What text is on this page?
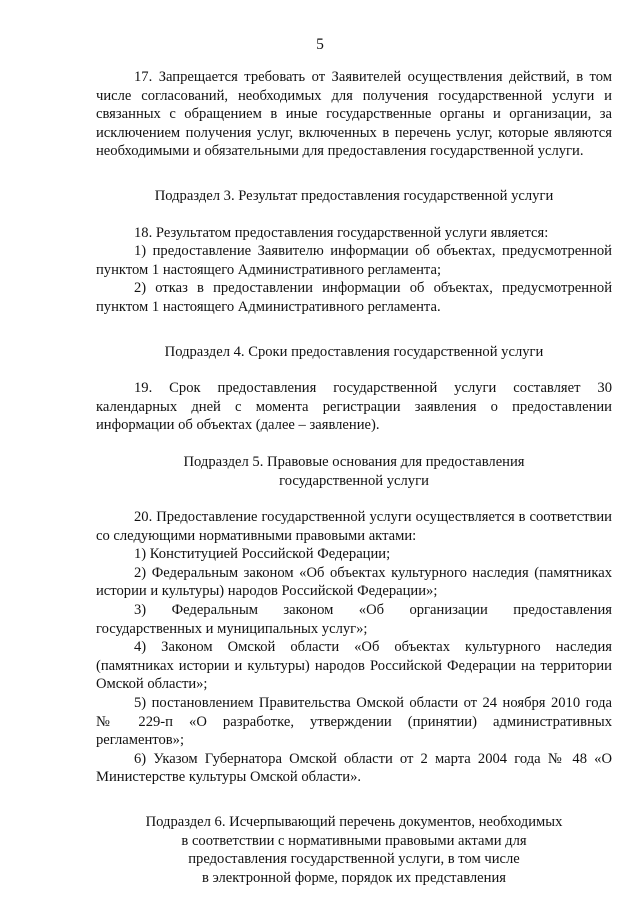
5

17. Запрещается требовать от Заявителей осуществления действий, в том числе согласований, необходимых для получения государственной услуги и связанных с обращением в иные государственные органы и организации, за исключением получения услуг, включенных в перечень услуг, которые являются необходимыми и обязательными для предоставления государственной услуги.

Подраздел 3. Результат предоставления государственной услуги

18. Результатом предоставления государственной услуги является:

1) предоставление Заявителю информации об объектах, предусмотренной пунктом 1 настоящего Административного регламента;

2) отказ в предоставлении информации об объектах, предусмотренной пунктом 1 настоящего Административного регламента.

Подраздел 4. Сроки предоставления государственной услуги

19. Срок предоставления государственной услуги составляет 30 календарных дней с момента регистрации заявления о предоставлении информации об объектах (далее – заявление).

Подраздел 5. Правовые основания для предоставления
государственной услуги

20. Предоставление государственной услуги осуществляется в соответствии со следующими нормативными правовыми актами:

1) Конституцией Российской Федерации;

2) Федеральным законом «Об объектах культурного наследия (памятниках истории и культуры) народов Российской Федерации»;

3) Федеральным законом «Об организации предоставления государственных и муниципальных услуг»;

4) Законом Омской области «Об объектах культурного наследия (памятниках истории и культуры) народов Российской Федерации на территории Омской области»;

5) постановлением Правительства Омской области от 24 ноября 2010 года № 229-п «О разработке, утверждении (принятии) административных регламентов»;

6) Указом Губернатора Омской области от 2 марта 2004 года № 48 «О Министерстве культуры Омской области».

Подраздел 6. Исчерпывающий перечень документов, необходимых
в соответствии с нормативными правовыми актами для
предоставления государственной услуги, в том числе
в электронной форме, порядок их представления
